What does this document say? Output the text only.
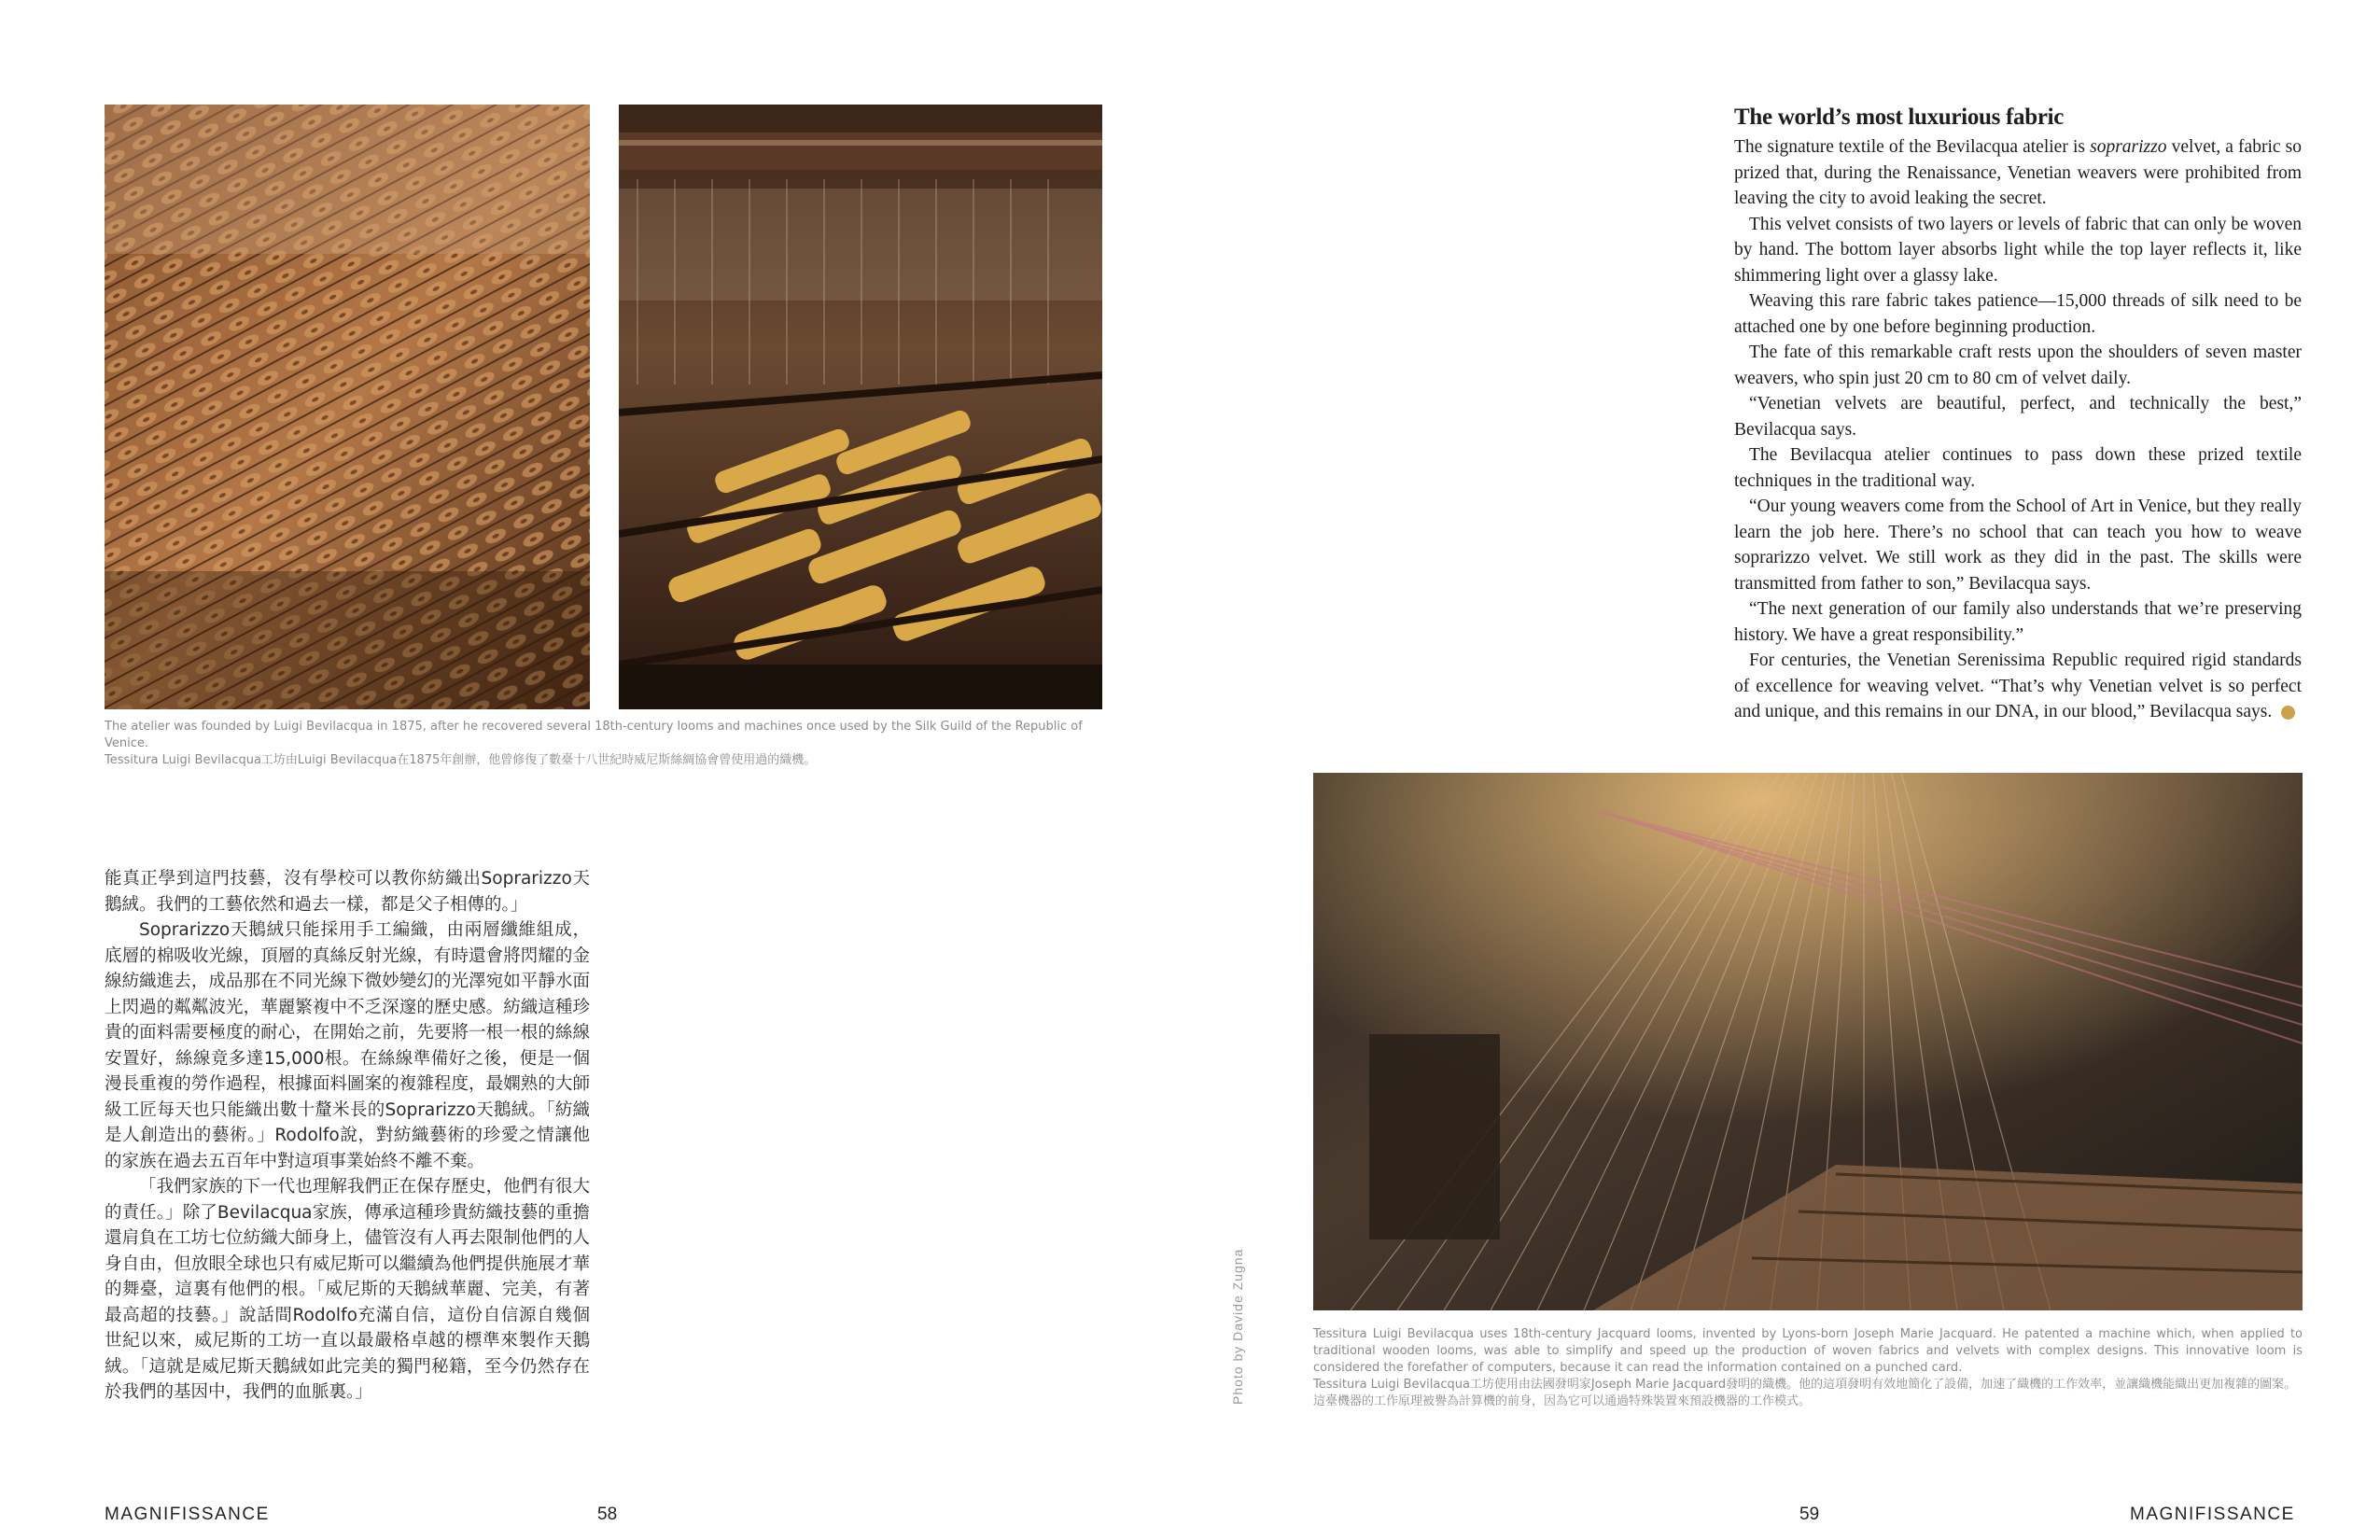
The atelier was founded by Luigi Bevilacqua in 1875, after he recovered several 18th-century looms and machines once used by the Silk Guild of the Republic of Venice.

Tessitura Luigi Bevilacqua工坊由Luigi Bevilacqua在1875年創辦，他曾修復了數臺十八世紀時威尼斯絲綢協會曾使用過的織機。

能真正學到這門技藝，沒有學校可以教你紡織出Soprarizzo天鵝絨。我們的工藝依然和過去一樣，都是父子相傳的。」

Soprarizzo天鵝絨只能採用手工編織，由兩層纖維組成，底層的棉吸收光線，頂層的真絲反射光線，有時還會將閃耀的金線紡織進去，成品那在不同光線下微妙變幻的光澤宛如平靜水面上閃過的粼粼波光，華麗繁複中不乏深邃的歷史感。紡織這種珍貴的面料需要極度的耐心，在開始之前，先要將一根一根的絲線安置好，絲線竟多達15,000根。在絲線準備好之後，便是一個漫長重複的勞作過程，根據面料圖案的複雜程度，最嫻熟的大師級工匠每天也只能織出數十釐米長的Soprarizzo天鵝絨。「紡織是人創造出的藝術。」Rodolfo說，對紡織藝術的珍愛之情讓他的家族在過去五百年中對這項事業始終不離不棄。

「我們家族的下一代也理解我們正在保存歷史，他們有很大的責任。」除了Bevilacqua家族，傳承這種珍貴紡織技藝的重擔還肩負在工坊七位紡織大師身上，儘管沒有人再去限制他們的人身自由，但放眼全球也只有威尼斯可以繼續為他們提供施展才華的舞臺，這裏有他們的根。「威尼斯的天鵝絨華麗、完美，有著最高超的技藝。」說話間Rodolfo充滿自信，這份自信源自幾個世紀以來，威尼斯的工坊一直以最嚴格卓越的標準來製作天鵝絨。「這就是威尼斯天鵝絨如此完美的獨門秘籍，至今仍然存在於我們的基因中，我們的血脈裏。」

MAGNIFISSANCE	58
The world’s most luxurious fabric

The signature textile of the Bevilacqua atelier is soprarizzo velvet, a fabric so prized that, during the Renaissance, Venetian weavers were prohibited from leaving the city to avoid leaking the secret.

This velvet consists of two layers or levels of fabric that can only be woven by hand. The bottom layer absorbs light while the top layer reflects it, like shimmering light over a glassy lake.

Weaving this rare fabric takes patience—15,000 threads of silk need to be attached one by one before beginning production.

The fate of this remarkable craft rests upon the shoulders of seven master weavers, who spin just 20 cm to 80 cm of velvet daily.

“Venetian velvets are beautiful, perfect, and technically the best,” Bevilacqua says.

The Bevilacqua atelier continues to pass down these prized textile techniques in the traditional way.

“Our young weavers come from the School of Art in Venice, but they really learn the job here. There’s no school that can teach you how to weave soprarizzo velvet. We still work as they did in the past. The skills were transmitted from father to son,” Bevilacqua says.

“The next generation of our family also understands that we’re preserving history. We have a great responsibility.”

For centuries, the Venetian Serenissima Republic required rigid standards of excellence for weaving velvet. “That’s why Venetian velvet is so perfect and unique, and this remains in our DNA, in our blood,” Bevilacqua says.

Photo by Davide Zugna	Tessitura Luigi Bevilacqua uses 18th-century Jacquard looms, invented by Lyons-born Joseph Marie Jacquard. He patented a machine which, when applied to traditional wooden looms, was able to simplify and speed up the production of woven fabrics and velvets with complex designs. This innovative loom is considered the forefather of computers, because it can read the information contained on a punched card.

Tessitura Luigi Bevilacqua工坊使用由法國發明家Joseph Marie Jacquard發明的織機。他的這項發明有效地簡化了設備，加速了織機的工作效率，並讓織機能織出更加複雜的圖案。這臺機器的工作原理被譽為計算機的前身，因為它可以通過特殊裝置來預設機器的工作模式。

59	MAGNIFISSANCE
